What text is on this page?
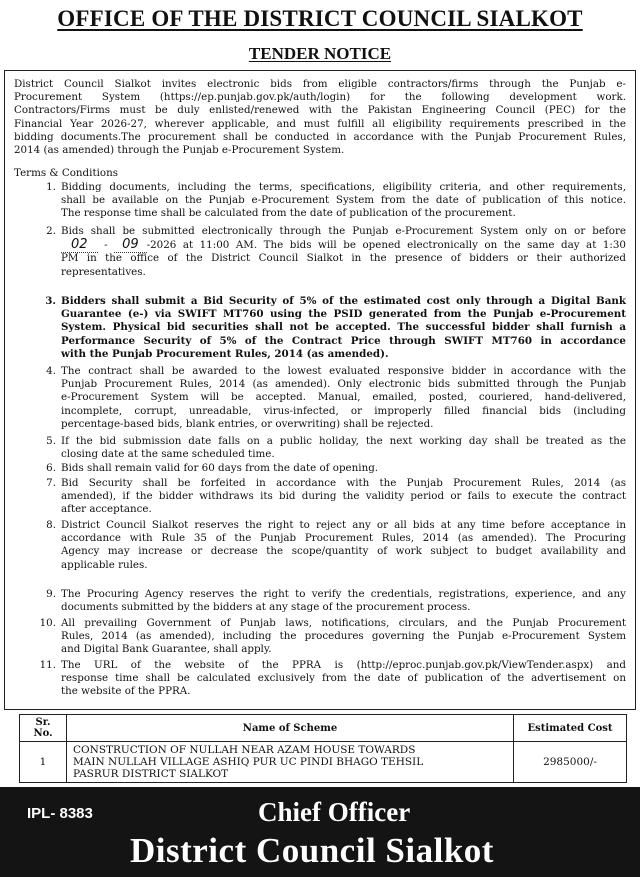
OFFICE OF THE DISTRICT COUNCIL SIALKOT
TENDER NOTICE
District Council Sialkot invites electronic bids from eligible contractors/firms through the Punjab e-
Procurement System (https://ep.punjab.gov.pk/auth/login) for the following development work.
Contractors/Firms must be duly enlisted/renewed with the Pakistan Engineering Council (PEC) for the
Financial Year 2026-27, wherever applicable, and must fulfill all eligibility requirements prescribed in the
bidding documents.The procurement shall be conducted in accordance with the Punjab Procurement Rules,
2014 (as amended) through the Punjab e-Procurement System.
Terms & Conditions
1. Bidding documents, including the terms, specifications, eligibility criteria, and other requirements,
shall be available on the Punjab e-Procurement System from the date of publication of this notice.
The response time shall be calculated from the date of publication of the procurement.
2. Bids shall be submitted electronically through the Punjab e-Procurement System only on or before
02 - 09 -2026 at 11:00 AM. The bids will be opened electronically on the same day at 1:30
PM in the office of the District Council Sialkot in the presence of bidders or their authorized
representatives.
3. Bidders shall submit a Bid Security of 5% of the estimated cost only through a Digital Bank
Guarantee (e-) via SWIFT MT760 using the PSID generated from the Punjab e-Procurement
System. Physical bid securities shall not be accepted. The successful bidder shall furnish a
Performance Security of 5% of the Contract Price through SWIFT MT760 in accordance
with the Punjab Procurement Rules, 2014 (as amended).
4. The contract shall be awarded to the lowest evaluated responsive bidder in accordance with the
Punjab Procurement Rules, 2014 (as amended). Only electronic bids submitted through the Punjab
e-Procurement System will be accepted. Manual, emailed, posted, couriered, hand-delivered,
incomplete, corrupt, unreadable, virus-infected, or improperly filled financial bids (including
percentage-based bids, blank entries, or overwriting) shall be rejected.
5. If the bid submission date falls on a public holiday, the next working day shall be treated as the
closing date at the same scheduled time.
6. Bids shall remain valid for 60 days from the date of opening.
7. Bid Security shall be forfeited in accordance with the Punjab Procurement Rules, 2014 (as
amended), if the bidder withdraws its bid during the validity period or fails to execute the contract
after acceptance.
8. District Council Sialkot reserves the right to reject any or all bids at any time before acceptance in
accordance with Rule 35 of the Punjab Procurement Rules, 2014 (as amended). The Procuring
Agency may increase or decrease the scope/quantity of work subject to budget availability and
applicable rules.
9. The Procuring Agency reserves the right to verify the credentials, registrations, experience, and any
documents submitted by the bidders at any stage of the procurement process.
10. All prevailing Government of Punjab laws, notifications, circulars, and the Punjab Procurement
Rules, 2014 (as amended), including the procedures governing the Punjab e-Procurement System
and Digital Bank Guarantee, shall apply.
11. The URL of the website of the PPRA is (http://eproc.punjab.gov.pk/ViewTender.aspx) and
response time shall be calculated exclusively from the date of publication of the advertisement on
the website of the PPRA.
Sr. No.	Name of Scheme	Estimated Cost
1	CONSTRUCTION OF NULLAH NEAR AZAM HOUSE TOWARDS
MAIN NULLAH VILLAGE ASHIQ PUR UC PINDI BHAGO TEHSIL
PASRUR DISTRICT SIALKOT	2985000/-
IPL- 8383	Chief Officer
District Council Sialkot
